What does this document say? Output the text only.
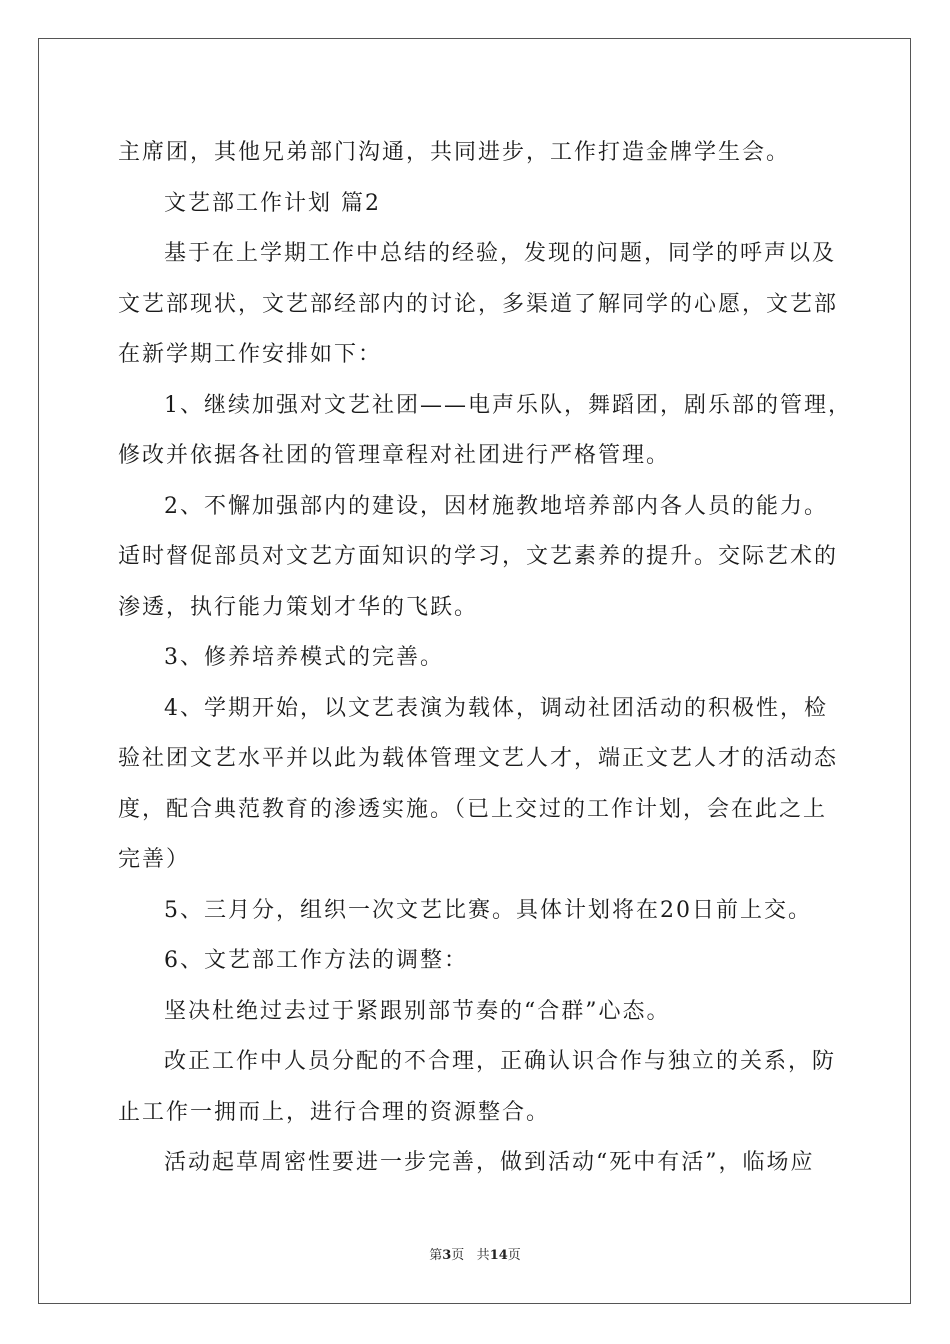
主席团，其他兄弟部门沟通，共同进步，工作打造金牌学生会。
文艺部工作计划 篇2
基于在上学期工作中总结的经验，发现的问题，同学的呼声以及
文艺部现状，文艺部经部内的讨论，多渠道了解同学的心愿，文艺部
在新学期工作安排如下：
1、继续加强对文艺社团——电声乐队，舞蹈团，剧乐部的管理，
修改并依据各社团的管理章程对社团进行严格管理。
2、不懈加强部内的建设，因材施教地培养部内各人员的能力。
适时督促部员对文艺方面知识的学习，文艺素养的提升。交际艺术的
渗透，执行能力策划才华的飞跃。
3、修养培养模式的完善。
4、学期开始，以文艺表演为载体，调动社团活动的积极性，检
验社团文艺水平并以此为载体管理文艺人才，端正文艺人才的活动态
度，配合典范教育的渗透实施。（已上交过的工作计划，会在此之上
完善）
5、三月分，组织一次文艺比赛。具体计划将在20日前上交。
6、文艺部工作方法的调整：
坚决杜绝过去过于紧跟别部节奏的“合群”心态。
改正工作中人员分配的不合理，正确认识合作与独立的关系，防
止工作一拥而上，进行合理的资源整合。
活动起草周密性要进一步完善，做到活动“死中有活”，临场应
第3页 共14页
